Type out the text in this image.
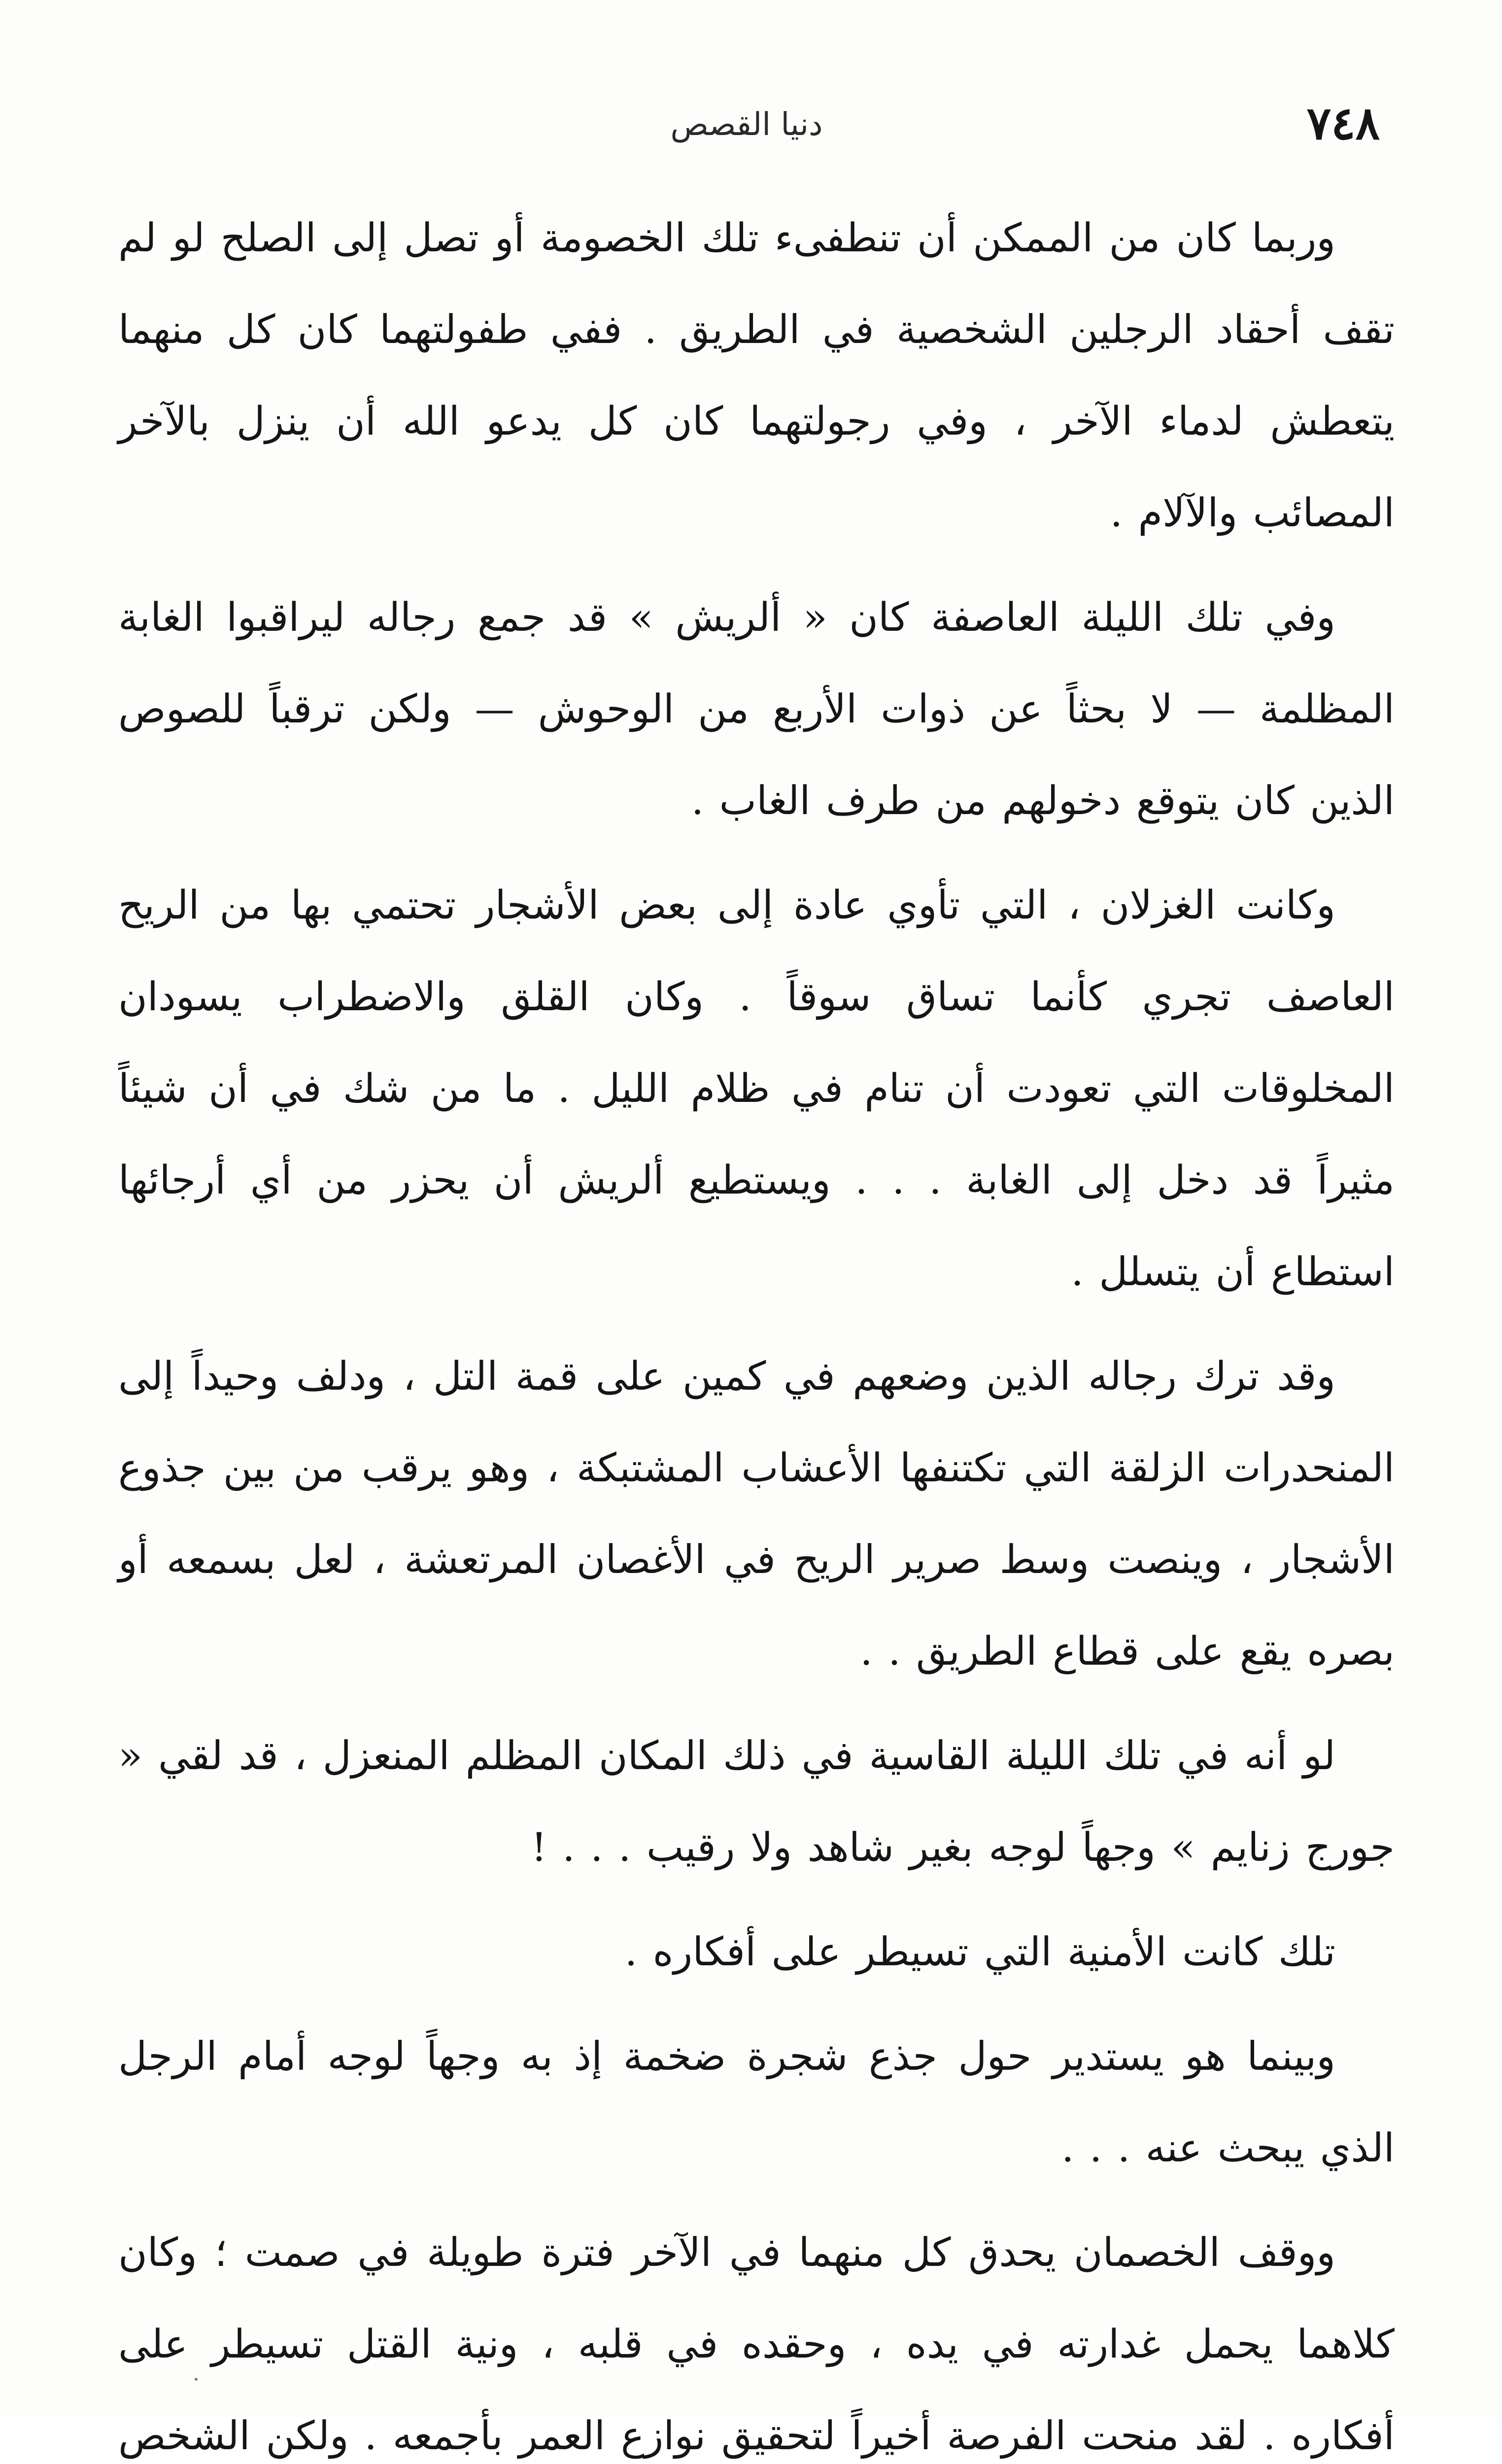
٧٤٨
دنيا القصص

وربما كان من الممكن أن تنطفىء تلك الخصومة أو تصل إلى الصلح لو لم تقف أحقاد الرجلين الشخصية في الطريق . ففي طفولتهما كان كل منهما يتعطش لدماء الآخر ، وفي رجولتهما كان كل يدعو الله أن ينزل بالآخر المصائب والآلام .

وفي تلك الليلة العاصفة كان « ألريش » قد جمع رجاله ليراقبوا الغابة المظلمة — لا بحثاً عن ذوات الأربع من الوحوش — ولكن ترقباً للصوص الذين كان يتوقع دخولهم من طرف الغاب .

وكانت الغزلان ، التي تأوي عادة إلى بعض الأشجار تحتمي بها من الريح العاصف تجري كأنما تساق سوقاً . وكان القلق والاضطراب يسودان المخلوقات التي تعودت أن تنام في ظلام الليل . ما من شك في أن شيئاً مثيراً قد دخل إلى الغابة . . . ويستطيع ألريش أن يحزر من أي أرجائها استطاع أن يتسلل .

وقد ترك رجاله الذين وضعهم في كمين على قمة التل ، ودلف وحيداً إلى المنحدرات الزلقة التي تكتنفها الأعشاب المشتبكة ، وهو يرقب من بين جذوع الأشجار ، وينصت وسط صرير الريح في الأغصان المرتعشة ، لعل بسمعه أو بصره يقع على قطاع الطريق . .

لو أنه في تلك الليلة القاسية في ذلك المكان المظلم المنعزل ، قد لقي « جورج زنايم » وجهاً لوجه بغير شاهد ولا رقيب . . . !

تلك كانت الأمنية التي تسيطر على أفكاره .

وبينما هو يستدير حول جذع شجرة ضخمة إذ به وجهاً لوجه أمام الرجل الذي يبحث عنه . . .

ووقف الخصمان يحدق كل منهما في الآخر فترة طويلة في صمت ؛ وكان كلاهما يحمل غدارته في يده ، وحقده في قلبه ، ونية القتل تسيطر على أفكاره . لقد منحت الفرصة أخيراً لتحقيق نوازع العمر بأجمعه . ولكن الشخص
